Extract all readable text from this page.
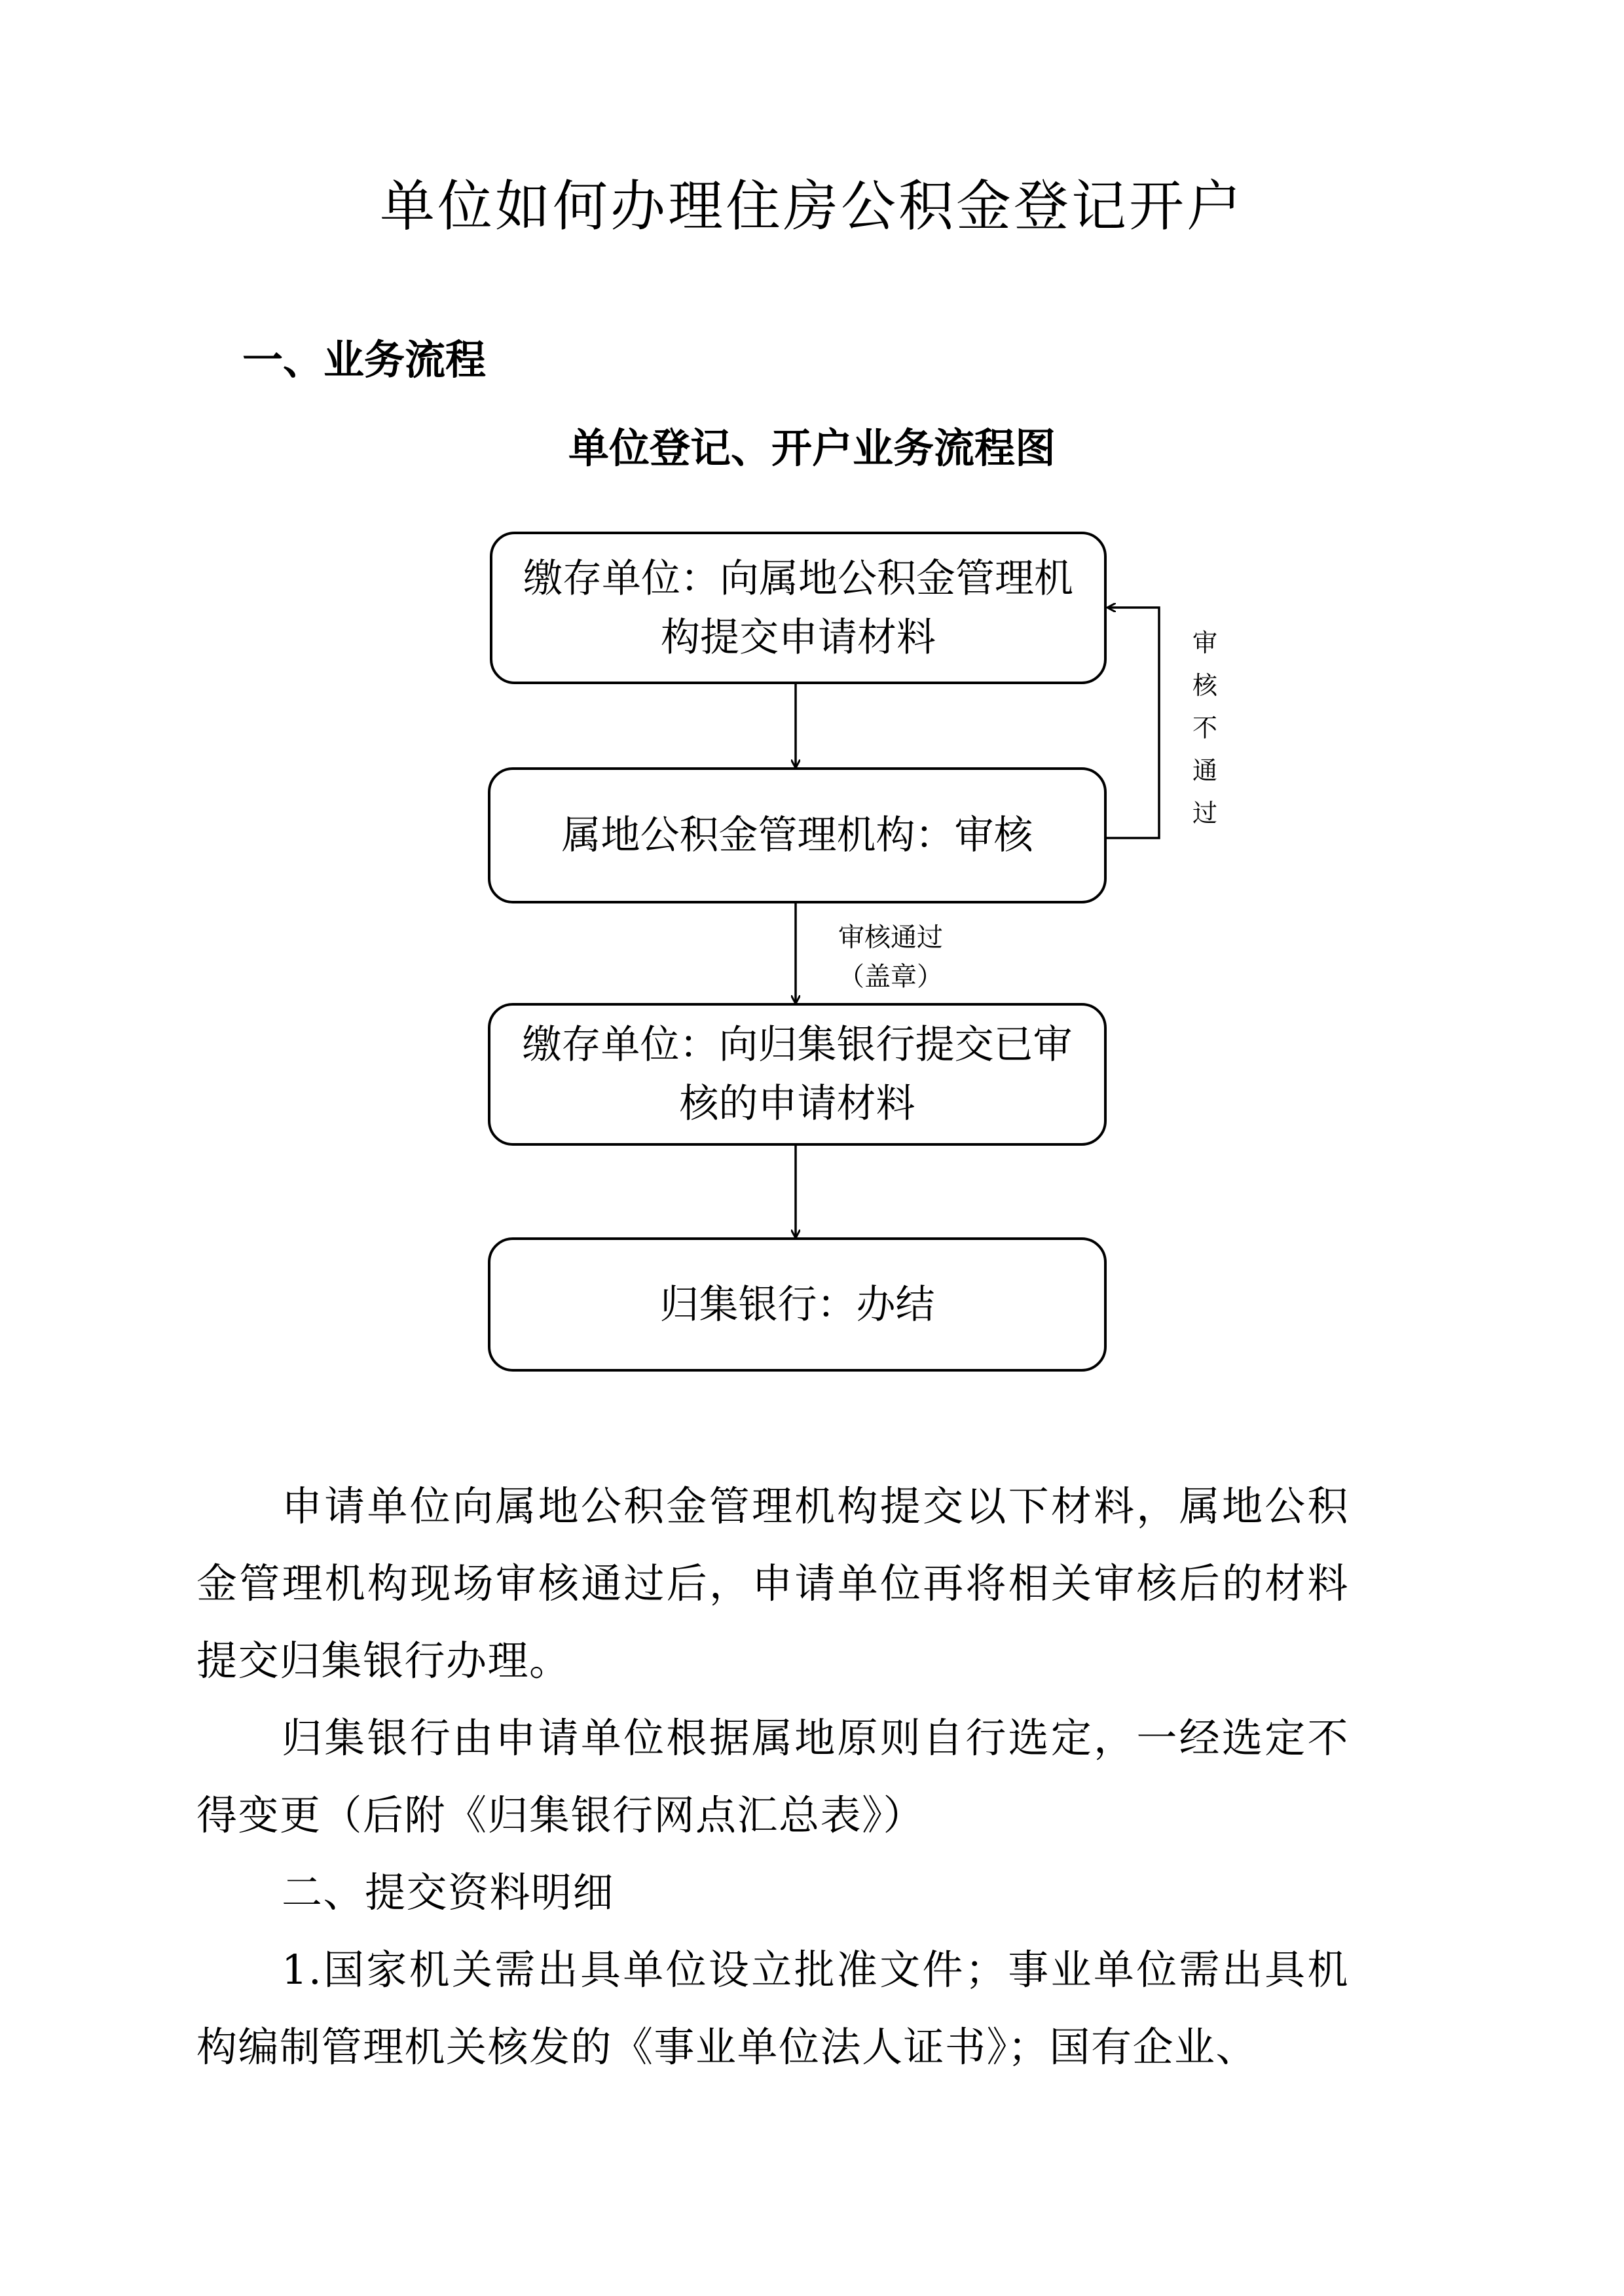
单位如何办理住房公积金登记开户
一、业务流程
单位登记、开户业务流程图
缴存单位：向属地公积金管理机构提交申请材料
属地公积金管理机构：审核
缴存单位：向归集银行提交已审核的申请材料
归集银行：办结
审核不通过
审核通过
（盖章）

申请单位向属地公积金管理机构提交以下材料，属地公积金管理机构现场审核通过后，申请单位再将相关审核后的材料提交归集银行办理。

归集银行由申请单位根据属地原则自行选定，一经选定不得变更（后附《归集银行网点汇总表》）

二、提交资料明细

1.国家机关需出具单位设立批准文件；事业单位需出具机构编制管理机关核发的《事业单位法人证书》；国有企业、
